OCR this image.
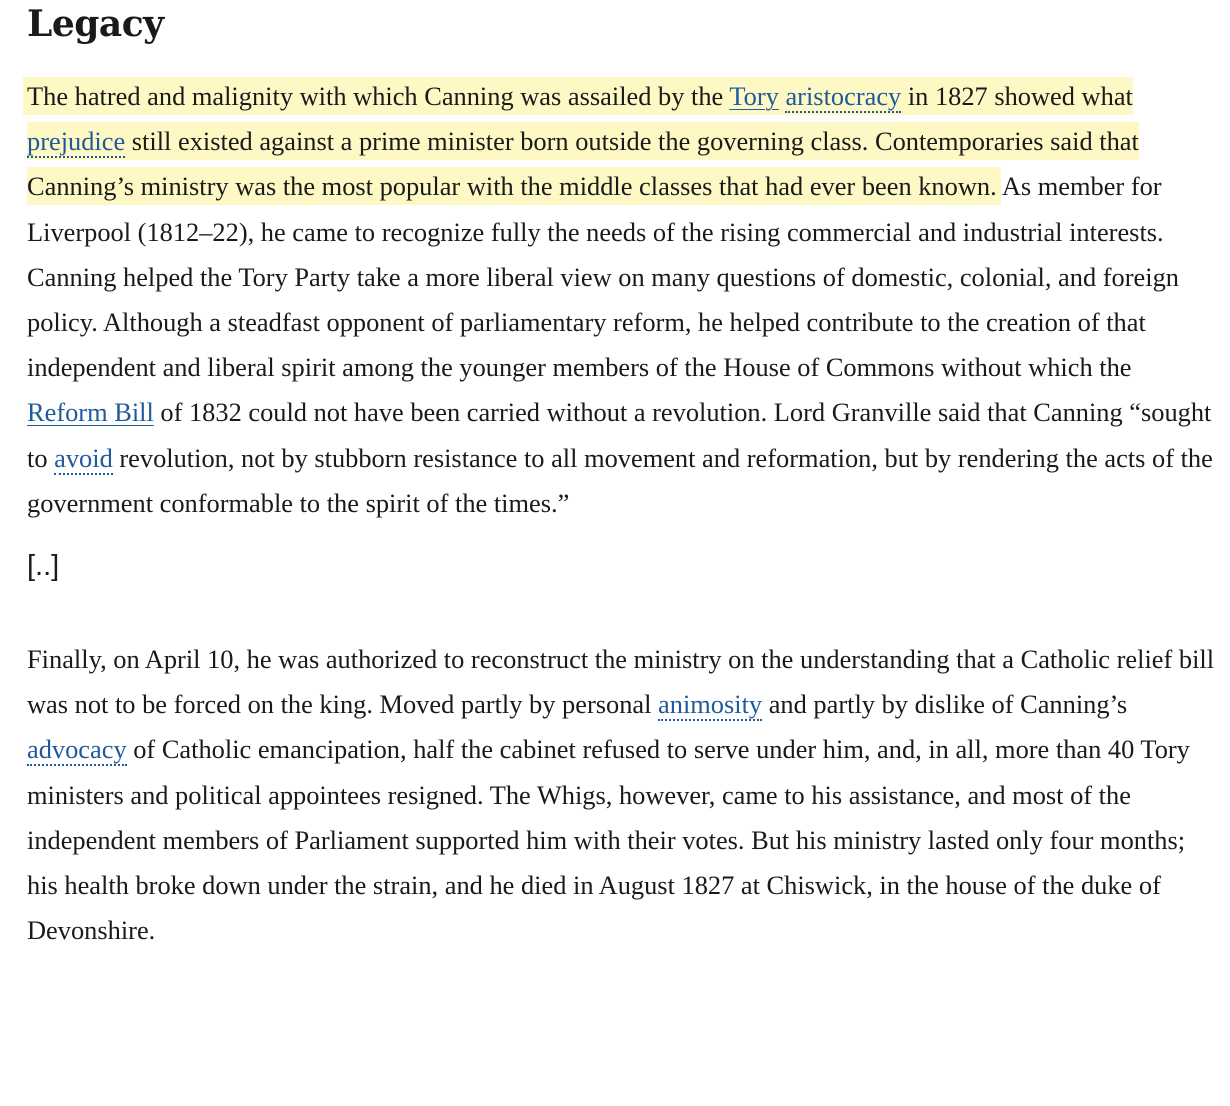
Legacy

The hatred and malignity with which Canning was assailed by the Tory aristocracy in 1827 showed what prejudice still existed against a prime minister born outside the governing class. Contemporaries said that Canning’s ministry was the most popular with the middle classes that had ever been known. As member for Liverpool (1812–22), he came to recognize fully the needs of the rising commercial and industrial interests. Canning helped the Tory Party take a more liberal view on many questions of domestic, colonial, and foreign policy. Although a steadfast opponent of parliamentary reform, he helped contribute to the creation of that independent and liberal spirit among the younger members of the House of Commons without which the Reform Bill of 1832 could not have been carried without a revolution. Lord Granville said that Canning “sought to avoid revolution, not by stubborn resistance to all movement and reformation, but by rendering the acts of the government conformable to the spirit of the times.”

[..]

Finally, on April 10, he was authorized to reconstruct the ministry on the understanding that a Catholic relief bill was not to be forced on the king. Moved partly by personal animosity and partly by dislike of Canning’s advocacy of Catholic emancipation, half the cabinet refused to serve under him, and, in all, more than 40 Tory ministers and political appointees resigned. The Whigs, however, came to his assistance, and most of the independent members of Parliament supported him with their votes. But his ministry lasted only four months; his health broke down under the strain, and he died in August 1827 at Chiswick, in the house of the duke of Devonshire.
